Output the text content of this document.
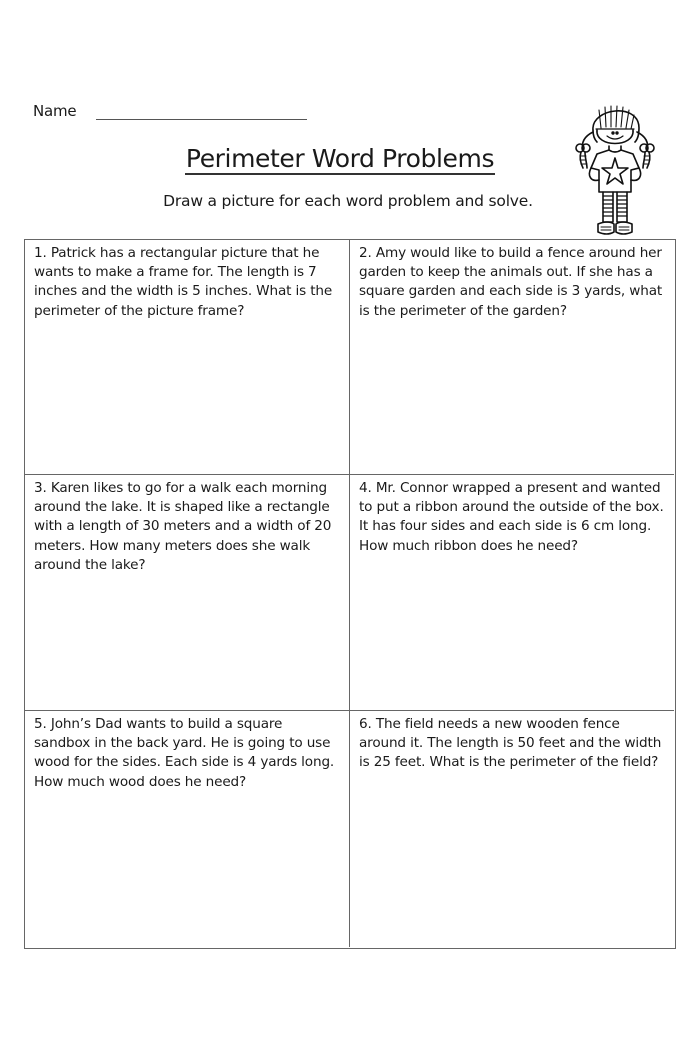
Name
Perimeter Word Problems
Draw a picture for each word problem and solve.

1. Patrick has a rectangular picture that he wants to make a frame for. The length is 7 inches and the width is 5 inches. What is the perimeter of the picture frame?

2. Amy would like to build a fence around her garden to keep the animals out. If she has a square garden and each side is 3 yards, what is the perimeter of the garden?

3. Karen likes to go for a walk each morning around the lake. It is shaped like a rectangle with a length of 30 meters and a width of 20 meters. How many meters does she walk around the lake?

4. Mr. Connor wrapped a present and wanted to put a ribbon around the outside of the box. It has four sides and each side is 6 cm long. How much ribbon does he need?

5. John’s Dad wants to build a square sandbox in the back yard. He is going to use wood for the sides. Each side is 4 yards long. How much wood does he need?

6. The field needs a new wooden fence around it. The length is 50 feet and the width is 25 feet. What is the perimeter of the field?
